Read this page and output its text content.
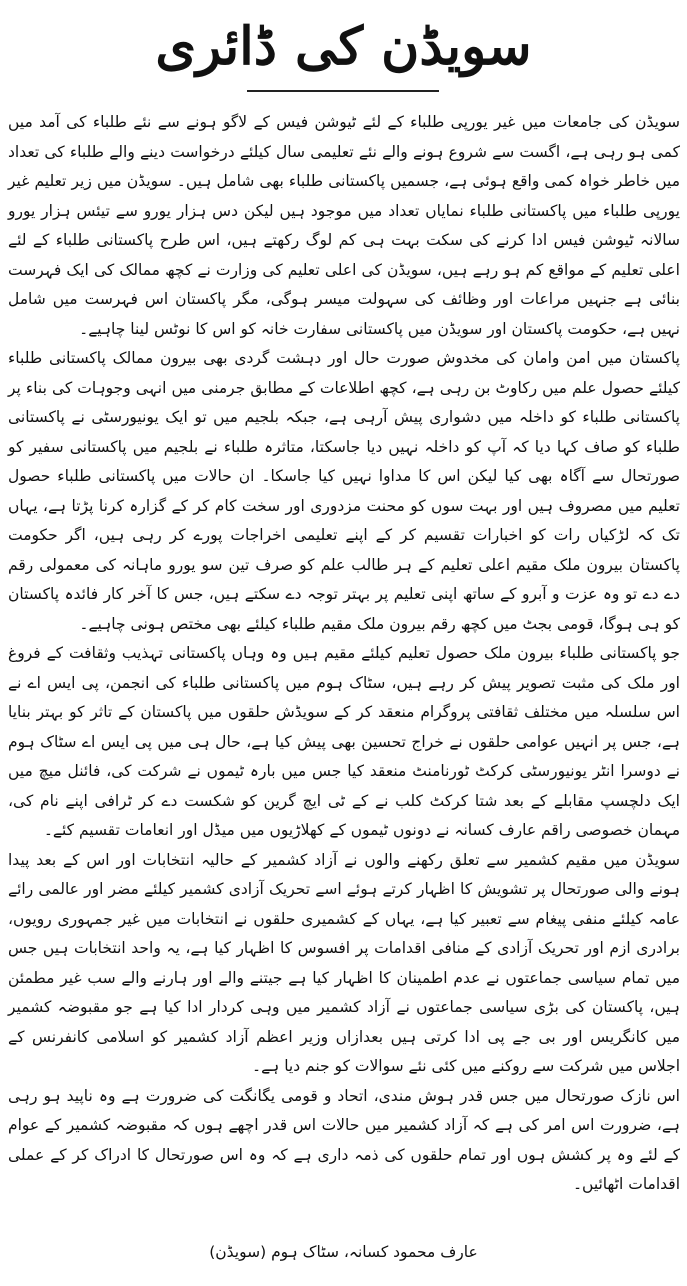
سویڈن کی ڈائری

سویڈن کی جامعات میں غیر یورپی طلباء کے لئے ٹیوشن فیس کے لاگو ہونے سے نئے طلباء کی آمد میں کمی ہو رہی ہے، اگست سے شروع ہونے والے نئے تعلیمی سال کیلئے درخواست دینے والے طلباء کی تعداد میں خاطر خواہ کمی واقع ہوئی ہے، جسمیں پاکستانی طلباء بھی شامل ہیں۔ سویڈن میں زیر تعلیم غیر یورپی طلباء میں پاکستانی طلباء نمایاں تعداد میں موجود ہیں لیکن دس ہزار یورو سے تیئس ہزار یورو سالانہ ٹیوشن فیس ادا کرنے کی سکت بہت ہی کم لوگ رکھتے ہیں، اس طرح پاکستانی طلباء کے لئے اعلی تعلیم کے مواقع کم ہو رہے ہیں، سویڈن کی اعلی تعلیم کی وزارت نے کچھ ممالک کی ایک فہرست بنائی ہے جنہیں مراعات اور وظائف کی سہولت میسر ہوگی، مگر پاکستان اس فہرست میں شامل نہیں ہے، حکومت پاکستان اور سویڈن میں پاکستانی سفارت خانہ کو اس کا نوٹس لینا چاہیے۔

پاکستان میں امن وامان کی مخدوش صورت حال اور دہشت گردی بھی بیرون ممالک پاکستانی طلباء کیلئے حصول علم میں رکاوٹ بن رہی ہے، کچھ اطلاعات کے مطابق جرمنی میں انہی وجوہات کی بناء پر پاکستانی طلباء کو داخلہ میں دشواری پیش آرہی ہے، جبکہ بلجیم میں تو ایک یونیورسٹی نے پاکستانی طلباء کو صاف کہا دیا کہ آپ کو داخلہ نہیں دیا جاسکتا، متاثرہ طلباء نے بلجیم میں پاکستانی سفیر کو صورتحال سے آگاہ بھی کیا لیکن اس کا مداوا نہیں کیا جاسکا۔ ان حالات میں پاکستانی طلباء حصول تعلیم میں مصروف ہیں اور بہت سوں کو محنت مزدوری اور سخت کام کر کے گزارہ کرنا پڑتا ہے، یہاں تک کہ لڑکیاں رات کو اخبارات تقسیم کر کے اپنے تعلیمی اخراجات پورے کر رہی ہیں، اگر حکومت پاکستان بیرون ملک مقیم اعلی تعلیم کے ہر طالب علم کو صرف تین سو یورو ماہانہ کی معمولی رقم دے دے تو وہ عزت و آبرو کے ساتھ اپنی تعلیم پر بہتر توجہ دے سکتے ہیں، جس کا آخر کار فائدہ پاکستان کو ہی ہوگا، قومی بجٹ میں کچھ رقم بیرون ملک مقیم طلباء کیلئے بھی مختص ہونی چاہیے۔

جو پاکستانی طلباء بیرون ملک حصول تعلیم کیلئے مقیم ہیں وہ وہاں پاکستانی تہذیب وثقافت کے فروغ اور ملک کی مثبت تصویر پیش کر رہے ہیں، سٹاک ہوم میں پاکستانی طلباء کی انجمن، پی ایس اے نے اس سلسلہ میں مختلف ثقافتی پروگرام منعقد کر کے سویڈش حلقوں میں پاکستان کے تاثر کو بہتر بنایا ہے، جس پر انہیں عوامی حلقوں نے خراج تحسین بھی پیش کیا ہے، حال ہی میں پی ایس اے سٹاک ہوم نے دوسرا انٹر یونیورسٹی کرکٹ ٹورنامنٹ منعقد کیا جس میں بارہ ٹیموں نے شرکت کی، فائنل میچ میں ایک دلچسپ مقابلے کے بعد شتا کرکٹ کلب نے کے ٹی ایچ گرین کو شکست دے کر ٹرافی اپنے نام کی، مہمان خصوصی راقم عارف کسانہ نے دونوں ٹیموں کے کھلاڑیوں میں میڈل اور انعامات تقسیم کئے۔

سویڈن میں مقیم کشمیر سے تعلق رکھنے والوں نے آزاد کشمیر کے حالیہ انتخابات اور اس کے بعد پیدا ہونے والی صورتحال پر تشویش کا اظہار کرتے ہوئے اسے تحریک آزادی کشمیر کیلئے مضر اور عالمی رائے عامہ کیلئے منفی پیغام سے تعبیر کیا ہے، یہاں کے کشمیری حلقوں نے انتخابات میں غیر جمہوری رویوں، برادری ازم اور تحریک آزادی کے منافی اقدامات پر افسوس کا اظہار کیا ہے، یہ واحد انتخابات ہیں جس میں تمام سیاسی جماعتوں نے عدم اطمینان کا اظہار کیا ہے جیتنے والے اور ہارنے والے سب غیر مطمئن ہیں، پاکستان کی بڑی سیاسی جماعتوں نے آزاد کشمیر میں وہی کردار ادا کیا ہے جو مقبوضہ کشمیر میں کانگریس اور بی جے پی ادا کرتی ہیں بعدازاں وزیر اعظم آزاد کشمیر کو اسلامی کانفرنس کے اجلاس میں شرکت سے روکنے میں کئی نئے سوالات کو جنم دیا ہے۔

اس نازک صورتحال میں جس قدر ہوش مندی، اتحاد و قومی یگانگت کی ضرورت ہے وہ ناپید ہو رہی ہے، ضرورت اس امر کی ہے کہ آزاد کشمیر میں حالات اس قدر اچھے ہوں کہ مقبوضہ کشمیر کے عوام کے لئے وہ پر کشش ہوں اور تمام حلقوں کی ذمہ داری ہے کہ وہ اس صورتحال کا ادراک کر کے عملی اقدامات اٹھائیں۔

عارف محمود کسانہ، سٹاک ہوم (سویڈن)
